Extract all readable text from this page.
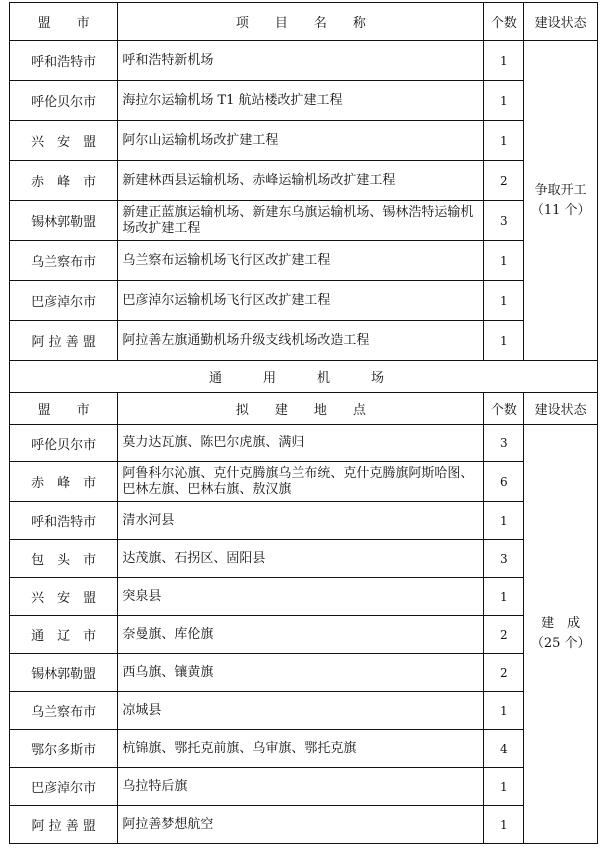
盟　　市	项　　目　　名　　称	个数	建设状态
呼和浩特市	呼和浩特新机场	1	争取开工
（11 个）

呼伦贝尔市	海拉尔运输机场 T1 航站楼改扩建工程	1	
兴　安　盟	阿尔山运输机场改扩建工程	1	
赤　峰　市	新建林西县运输机场、赤峰运输机场改扩建工程	2	
锡林郭勒盟	新建正蓝旗运输机场、新建东乌旗运输机场、锡林浩特运输机场改扩建工程	3	
乌兰察布市	乌兰察布运输机场飞行区改扩建工程	1	
巴彦淖尔市	巴彦淖尔运输机场飞行区改扩建工程	1	
阿 拉 善 盟	阿拉善左旗通勤机场升级支线机场改造工程	1	
通　用　机　场			
盟　　市	拟　　建　　地　　点	个数	建设状态
呼伦贝尔市	莫力达瓦旗、陈巴尔虎旗、满归	3	建　成
（25 个）

赤　峰　市	阿鲁科尔沁旗、克什克腾旗乌兰布统、克什克腾旗阿斯哈图、巴林左旗、巴林右旗、敖汉旗	6	
呼和浩特市	清水河县	1	
包　头　市	达茂旗、石拐区、固阳县	3	
兴　安　盟	突泉县	1	
通　辽　市	奈曼旗、库伦旗	2	
锡林郭勒盟	西乌旗、镶黄旗	2	
乌兰察布市	凉城县	1	
鄂尔多斯市	杭锦旗、鄂托克前旗、乌审旗、鄂托克旗	4	
巴彦淖尔市	乌拉特后旗	1	
阿 拉 善 盟	阿拉善梦想航空	1	
